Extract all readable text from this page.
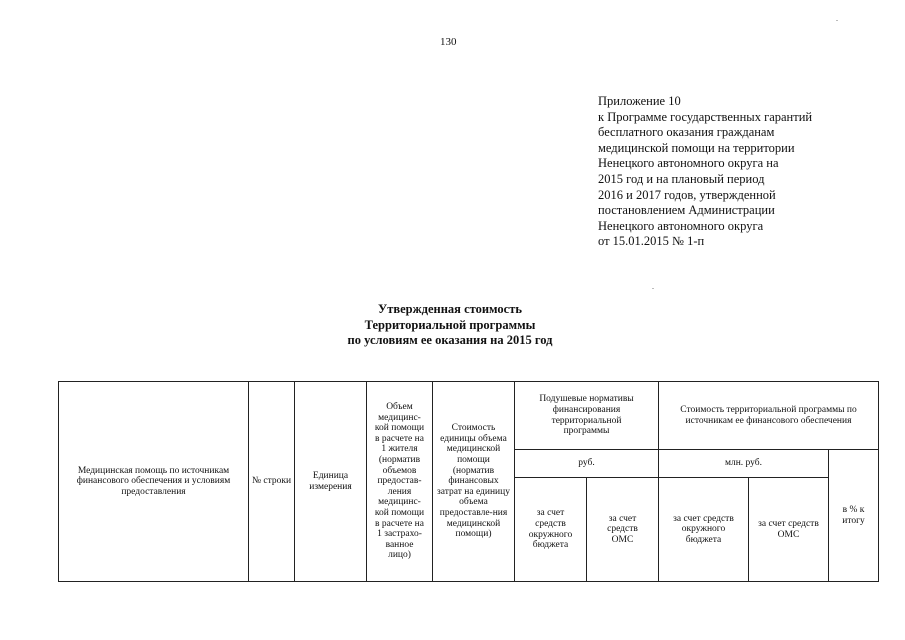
130
Приложение 10
к Программе государственных гарантий
бесплатного оказания гражданам
медицинской помощи на территории
Ненецкого автономного округа на
2015 год и на плановый период
2016 и 2017 годов, утвержденной
постановлением Администрации
Ненецкого автономного округа
от 15.01.2015 № 1-п
Утвержденная стоимость
Территориальной программы
по условиям ее оказания на 2015 год
Медицинская помощь по источникам финансового обеспечения и условиям предоставления	№ строки	Единица измерения	Объем медицинс-кой помощи в расчете на 1 жителя (норматив объемов предостав-ления медицинс-кой помощи в расчете на 1 застрахо-ванное лицо)	Стоимость единицы объема медицинской помощи (норматив финансовых затрат на единицу объема предоставле-ния медицинской помощи)	Подушевые нормативы финансирования территориальной программы		Стоимость территориальной программы по источникам ее финансового обеспечения		
					руб.		млн. руб.		в % к итогу
					за счет средств окружного бюджета	за счет средств ОМС	за счет средств окружного бюджета	за счет средств ОМС	
